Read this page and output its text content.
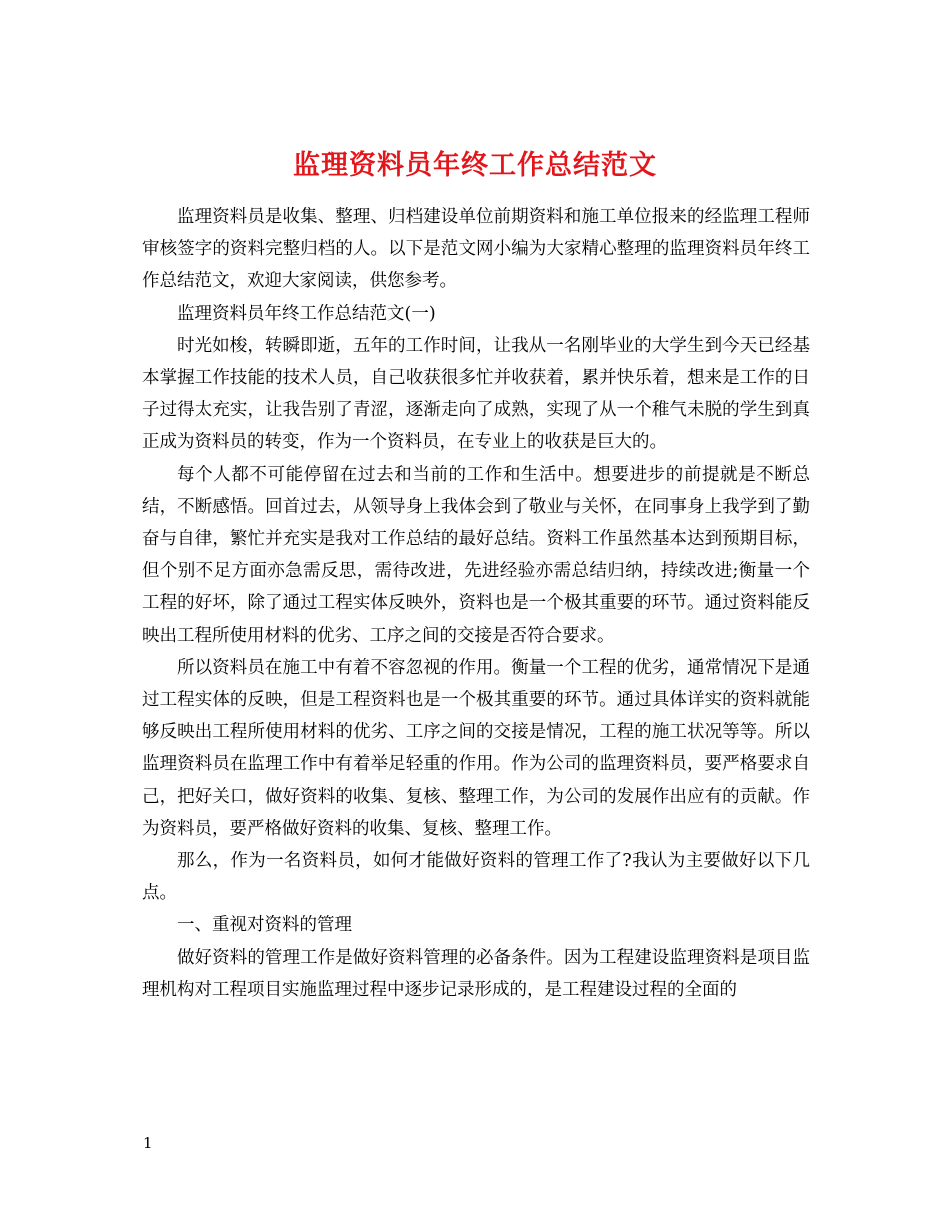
监理资料员年终工作总结范文

监理资料员是收集、整理、归档建设单位前期资料和施工单位报来的经监理工程师审核签字的资料完整归档的人。以下是范文网小编为大家精心整理的监理资料员年终工作总结范文，欢迎大家阅读，供您参考。

监理资料员年终工作总结范文(一)

时光如梭，转瞬即逝，五年的工作时间，让我从一名刚毕业的大学生到今天已经基本掌握工作技能的技术人员，自己收获很多忙并收获着，累并快乐着，想来是工作的日子过得太充实，让我告别了青涩，逐渐走向了成熟，实现了从一个稚气未脱的学生到真正成为资料员的转变，作为一个资料员，在专业上的收获是巨大的。

每个人都不可能停留在过去和当前的工作和生活中。想要进步的前提就是不断总结，不断感悟。回首过去，从领导身上我体会到了敬业与关怀，在同事身上我学到了勤奋与自律，繁忙并充实是我对工作总结的最好总结。资料工作虽然基本达到预期目标，但个别不足方面亦急需反思，需待改进，先进经验亦需总结归纳，持续改进;衡量一个工程的好坏，除了通过工程实体反映外，资料也是一个极其重要的环节。通过资料能反映出工程所使用材料的优劣、工序之间的交接是否符合要求。

所以资料员在施工中有着不容忽视的作用。衡量一个工程的优劣，通常情况下是通过工程实体的反映，但是工程资料也是一个极其重要的环节。通过具体详实的资料就能够反映出工程所使用材料的优劣、工序之间的交接是情况，工程的施工状况等等。所以监理资料员在监理工作中有着举足轻重的作用。作为公司的监理资料员，要严格要求自己，把好关口，做好资料的收集、复核、整理工作，为公司的发展作出应有的贡献。作为资料员，要严格做好资料的收集、复核、整理工作。

那么，作为一名资料员，如何才能做好资料的管理工作了?我认为主要做好以下几点。

一、重视对资料的管理

做好资料的管理工作是做好资料管理的必备条件。因为工程建设监理资料是项目监理机构对工程项目实施监理过程中逐步记录形成的，是工程建设过程的全面的

1
